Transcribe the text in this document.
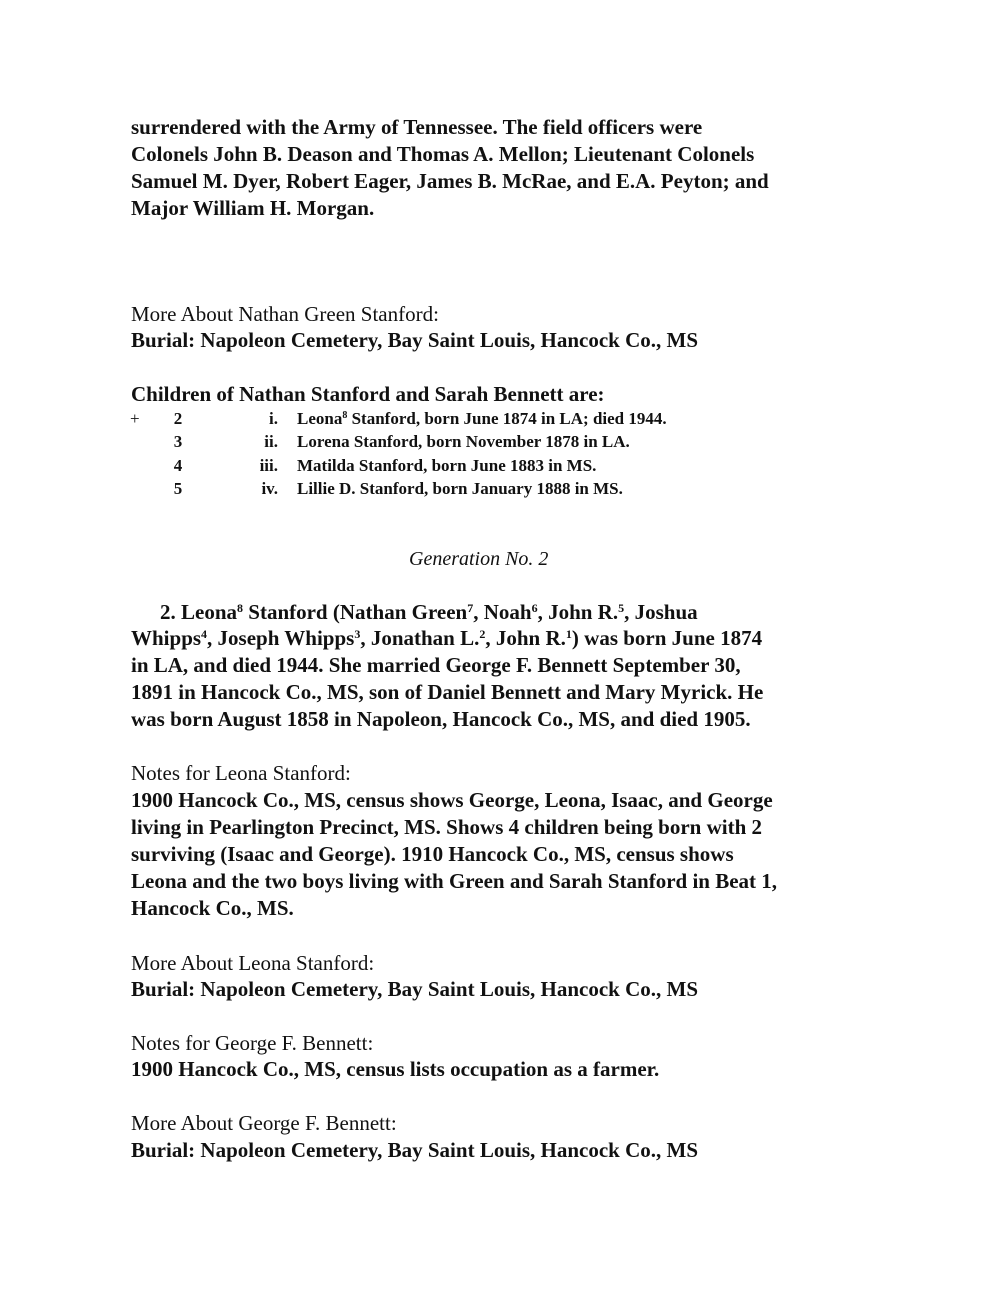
surrendered with the Army of Tennessee. The field officers were
Colonels John B. Deason and Thomas A. Mellon; Lieutenant Colonels
Samuel M. Dyer, Robert Eager, James B. McRae, and E.A. Peyton; and
Major William H. Morgan.
More About Nathan Green Stanford:
Burial: Napoleon Cemetery, Bay Saint Louis, Hancock Co., MS
Children of Nathan Stanford and Sarah Bennett are:
+ 2	i. Leona$^8$ Stanford, born June 1874 in LA; died 1944.
3	ii. Lorena Stanford, born November 1878 in LA.
4	iii. Matilda Stanford, born June 1883 in MS.
5	iv. Lillie D. Stanford, born January 1888 in MS.
Generation No. 2
2. Leona$^8$ Stanford (Nathan Green$^7$, Noah$^6$, John R.$^5$, Joshua
Whipps$^4$, Joseph Whipps$^3$, Jonathan L.$^2$, John R.$^1$) was born June 1874
in LA, and died 1944. She married George F. Bennett September 30,
1891 in Hancock Co., MS, son of Daniel Bennett and Mary Myrick. He
was born August 1858 in Napoleon, Hancock Co., MS, and died 1905.
Notes for Leona Stanford:
1900 Hancock Co., MS, census shows George, Leona, Isaac, and George
living in Pearlington Precinct, MS. Shows 4 children being born with 2
surviving (Isaac and George). 1910 Hancock Co., MS, census shows
Leona and the two boys living with Green and Sarah Stanford in Beat 1,
Hancock Co., MS.
More About Leona Stanford:
Burial: Napoleon Cemetery, Bay Saint Louis, Hancock Co., MS
Notes for George F. Bennett:
1900 Hancock Co., MS, census lists occupation as a farmer.
More About George F. Bennett:
Burial: Napoleon Cemetery, Bay Saint Louis, Hancock Co., MS
